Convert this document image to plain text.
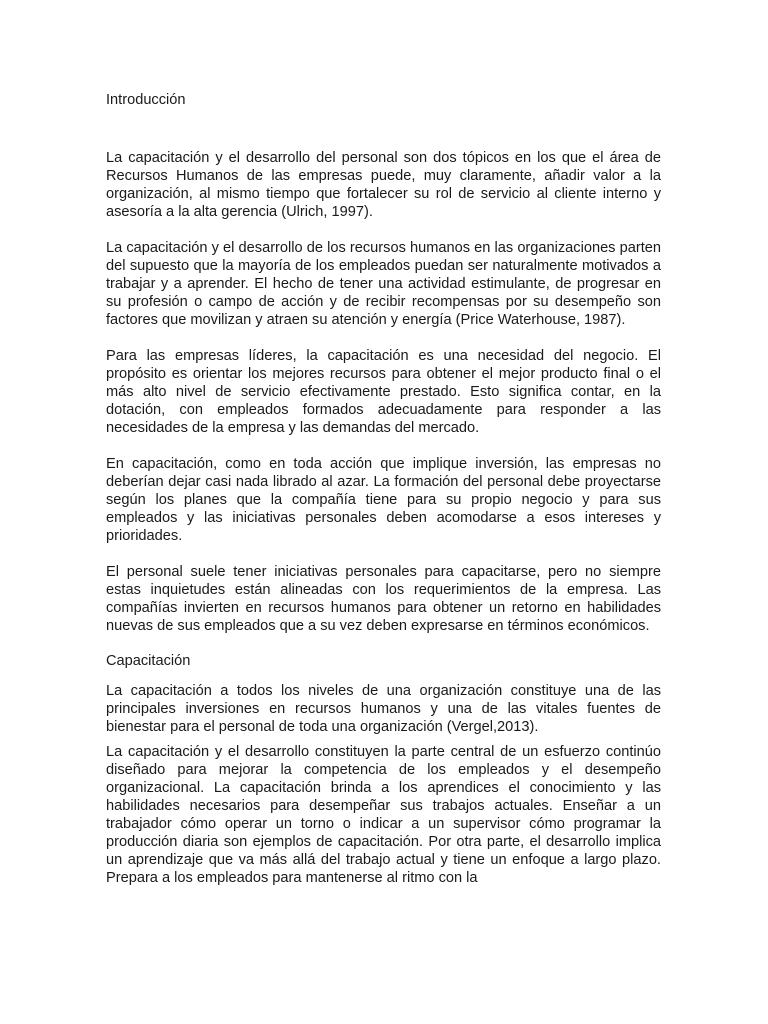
Introducción

La capacitación y el desarrollo del personal son dos tópicos en los que el área de Recursos Humanos de las empresas puede, muy claramente, añadir valor a la organización, al mismo tiempo que fortalecer su rol de servicio al cliente interno y asesoría a la alta gerencia (Ulrich, 1997).

La capacitación y el desarrollo de los recursos humanos en las organizaciones parten del supuesto que la mayoría de los empleados puedan ser naturalmente motivados a trabajar y a aprender. El hecho de tener una actividad estimulante, de progresar en su profesión o campo de acción y de recibir recompensas por su desempeño son factores que movilizan y atraen su atención y energía (Price Waterhouse, 1987).

Para las empresas líderes, la capacitación es una necesidad del negocio. El propósito es orientar los mejores recursos para obtener el mejor producto final o el más alto nivel de servicio efectivamente prestado. Esto significa contar, en la dotación, con empleados formados adecuadamente para responder a las necesidades de la empresa y las demandas del mercado.

En capacitación, como en toda acción que implique inversión, las empresas no deberían dejar casi nada librado al azar. La formación del personal debe proyectarse según los planes que la compañía tiene para su propio negocio y para sus empleados y las iniciativas personales deben acomodarse a esos intereses y prioridades.

El personal suele tener iniciativas personales para capacitarse, pero no siempre estas inquietudes están alineadas con los requerimientos de la empresa. Las compañías invierten en recursos humanos para obtener un retorno en habilidades nuevas de sus empleados que a su vez deben expresarse en términos económicos.

Capacitación

La capacitación a todos los niveles de una organización constituye una de las principales inversiones en recursos humanos y una de las vitales fuentes de bienestar para el personal de toda una organización (Vergel,2013).

La capacitación y el desarrollo constituyen la parte central de un esfuerzo continúo diseñado para mejorar la competencia de los empleados y el desempeño organizacional. La capacitación brinda a los aprendices el conocimiento y las habilidades necesarios para desempeñar sus trabajos actuales. Enseñar a un trabajador cómo operar un torno o indicar a un supervisor cómo programar la producción diaria son ejemplos de capacitación. Por otra parte, el desarrollo implica un aprendizaje que va más allá del trabajo actual y tiene un enfoque a largo plazo. Prepara a los empleados para mantenerse al ritmo con la
